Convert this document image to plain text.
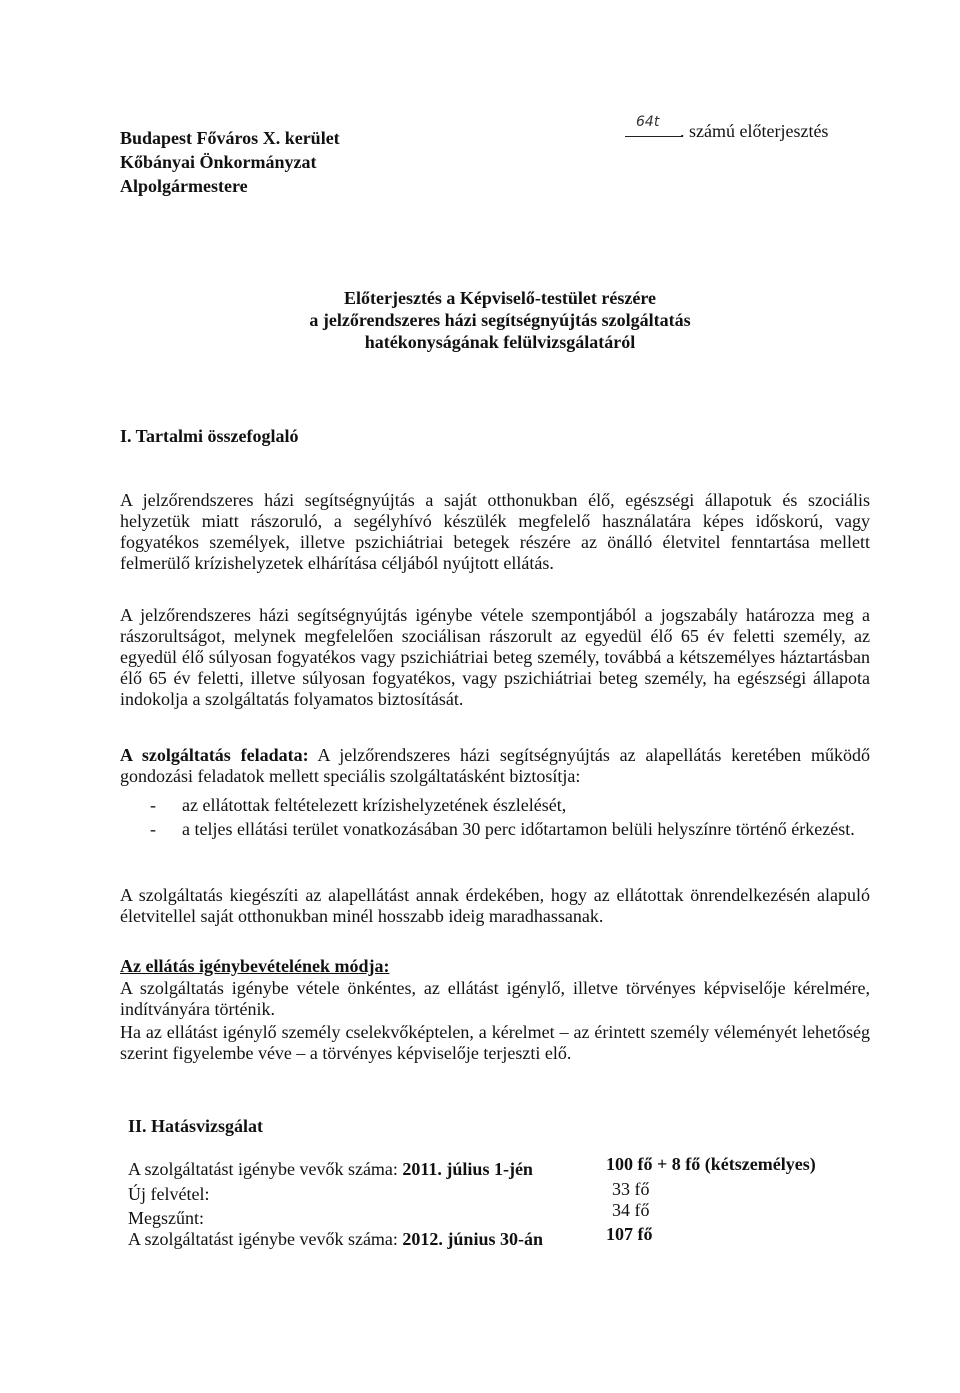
Budapest Főváros X. kerület
Kőbányai Önkormányzat
Alpolgármestere
64t . számú előterjesztés
Előterjesztés a Képviselő-testület részére
a jelzőrendszeres házi segítségnyújtás szolgáltatás
hatékonyságának felülvizsgálatáról
I. Tartalmi összefoglaló
A jelzőrendszeres házi segítségnyújtás a saját otthonukban élő, egészségi állapotuk és szociális helyzetük miatt rászoruló, a segélyhívó készülék megfelelő használatára képes időskorú, vagy fogyatékos személyek, illetve pszichiátriai betegek részére az önálló életvitel fenntartása mellett felmerülő krízishelyzetek elhárítása céljából nyújtott ellátás.
A jelzőrendszeres házi segítségnyújtás igénybe vétele szempontjából a jogszabály határozza meg a rászorultságot, melynek megfelelően szociálisan rászorult az egyedül élő 65 év feletti személy, az egyedül élő súlyosan fogyatékos vagy pszichiátriai beteg személy, továbbá a kétszemélyes háztartásban élő 65 év feletti, illetve súlyosan fogyatékos, vagy pszichiátriai beteg személy, ha egészségi állapota indokolja a szolgáltatás folyamatos biztosítását.
A szolgáltatás feladata: A jelzőrendszeres házi segítségnyújtás az alapellátás keretében működő gondozási feladatok mellett speciális szolgáltatásként biztosítja:
- az ellátottak feltételezett krízishelyzetének észlelését,
- a teljes ellátási terület vonatkozásában 30 perc időtartamon belüli helyszínre történő érkezést.
A szolgáltatás kiegészíti az alapellátást annak érdekében, hogy az ellátottak önrendelkezésén alapuló életvitellel saját otthonukban minél hosszabb ideig maradhassanak.
Az ellátás igénybevételének módja:
A szolgáltatás igénybe vétele önkéntes, az ellátást igénylő, illetve törvényes képviselője kérelmére, indítványára történik.
Ha az ellátást igénylő személy cselekvőképtelen, a kérelmet – az érintett személy véleményét lehetőség szerint figyelembe véve – a törvényes képviselője terjeszti elő.
II. Hatásvizsgálat
A szolgáltatást igénybe vevők száma: 2011. július 1-jén	100 fő + 8 fő (kétszemélyes)
Új felvétel:	33 fő
Megszűnt:	34 fő
A szolgáltatást igénybe vevők száma: 2012. június 30-án	107 fő
